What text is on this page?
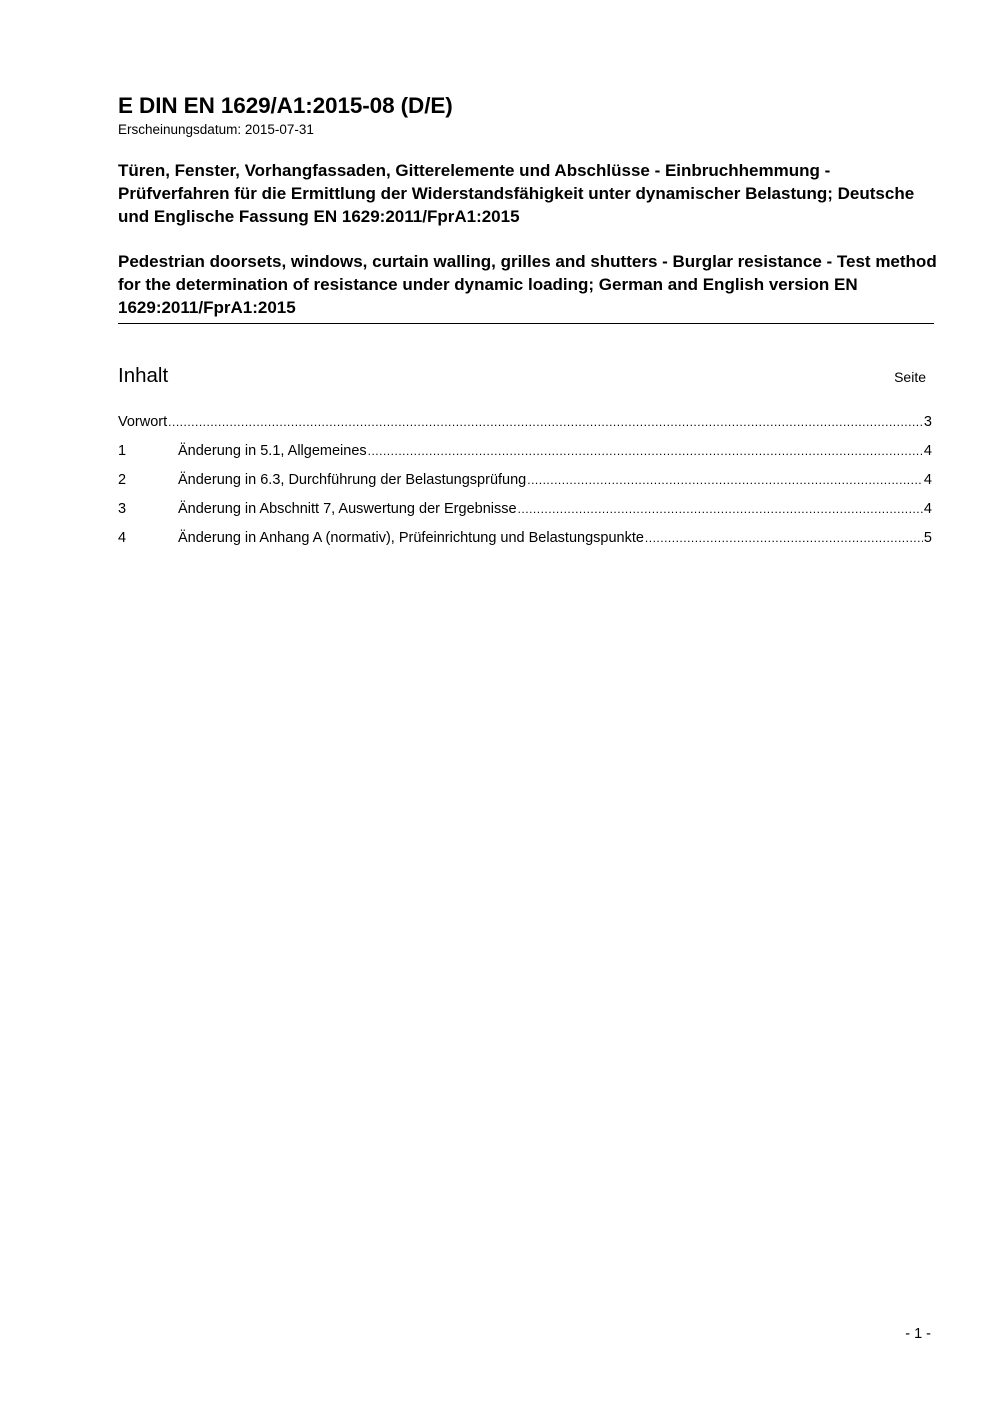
E DIN EN 1629/A1:2015-08 (D/E)
Erscheinungsdatum: 2015-07-31
Türen, Fenster, Vorhangfassaden, Gitterelemente und Abschlüsse - Einbruchhemmung - Prüfverfahren für die Ermittlung der Widerstandsfähigkeit unter dynamischer Belastung; Deutsche und Englische Fassung EN 1629:2011/FprA1:2015
Pedestrian doorsets, windows, curtain walling, grilles and shutters - Burglar resistance - Test method for the determination of resistance under dynamic loading; German and English version EN 1629:2011/FprA1:2015
Inhalt	Seite
Vorwort .....	3
1	Änderung in 5.1, Allgemeines .....	4
2	Änderung in 6.3, Durchführung der Belastungsprüfung .....	4
3	Änderung in Abschnitt 7, Auswertung der Ergebnisse .....	4
4	Änderung in Anhang A (normativ), Prüfeinrichtung und Belastungspunkte .....	5
- 1 -
